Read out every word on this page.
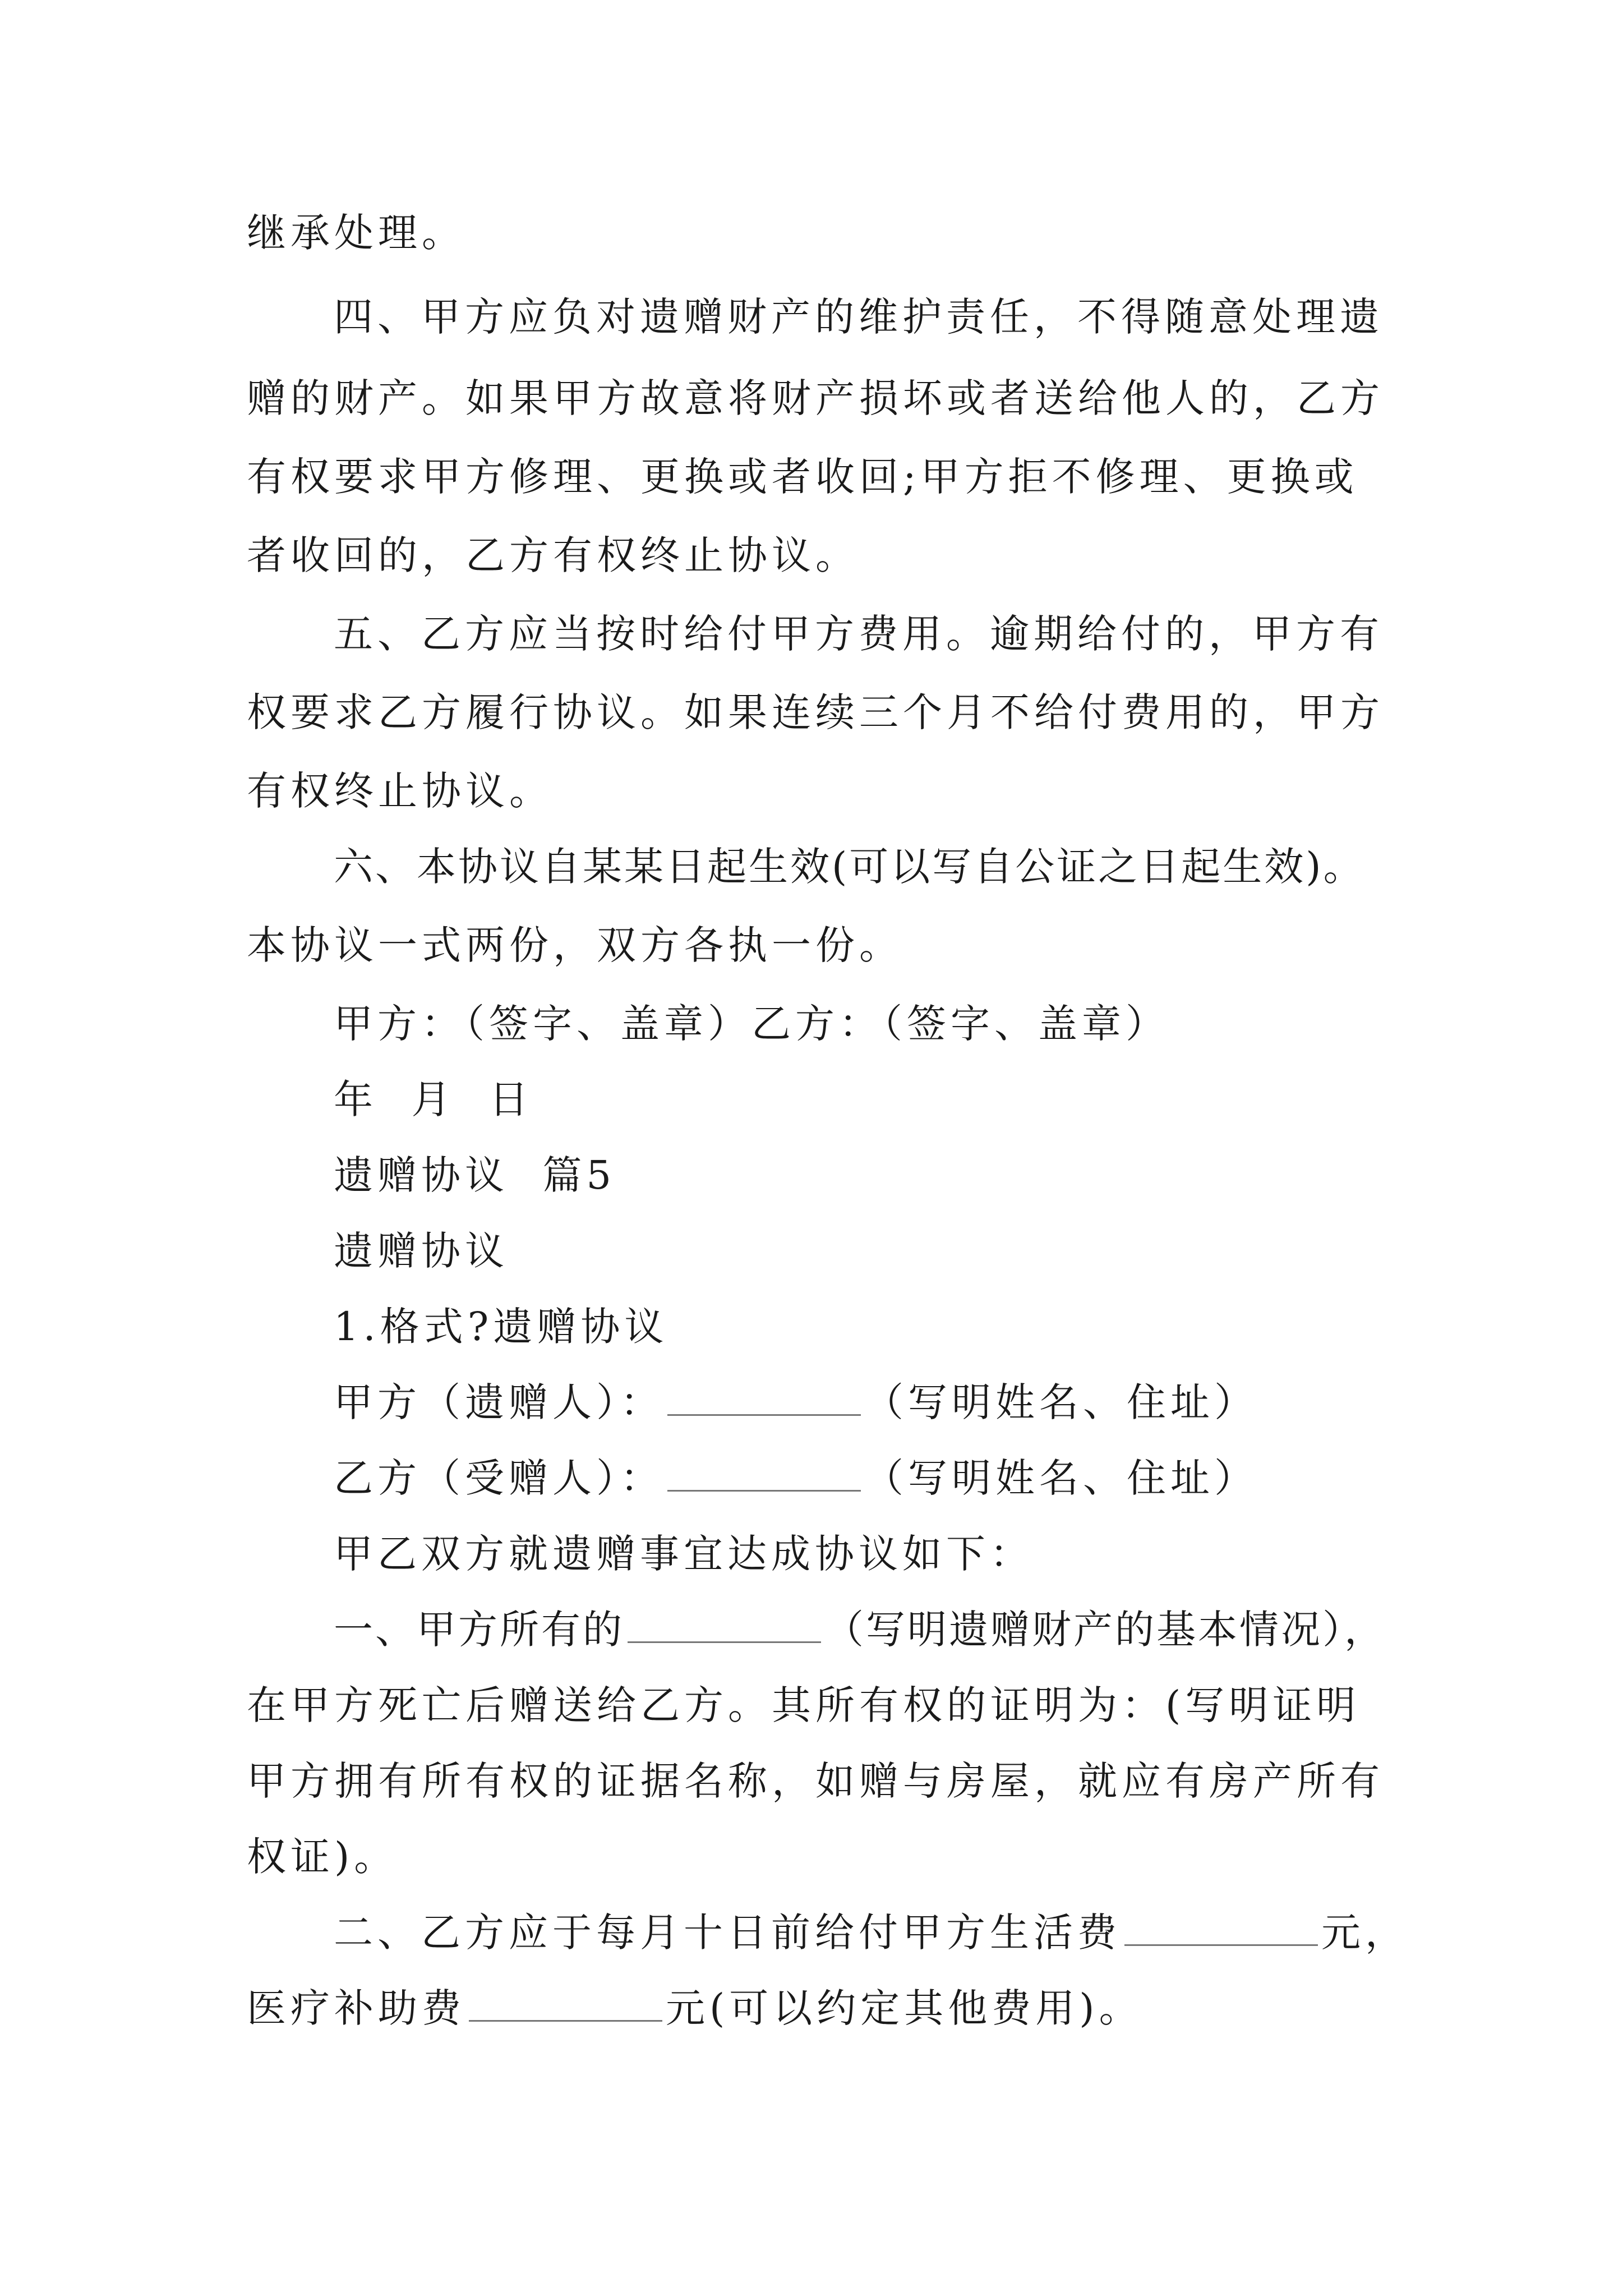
继承处理。
四、甲方应负对遗赠财产的维护责任，不得随意处理遗
赠的财产。如果甲方故意将财产损坏或者送给他人的，乙方
有权要求甲方修理、更换或者收回;甲方拒不修理、更换或
者收回的，乙方有权终止协议。
五、乙方应当按时给付甲方费用。逾期给付的，甲方有
权要求乙方履行协议。如果连续三个月不给付费用的，甲方
有权终止协议。
六、本协议自某某日起生效(可以写自公证之日起生效)。
本协议一式两份，双方各执一份。
甲方：（签字、盖章）乙方：（签字、盖章）
年  月  日
遗赠协议  篇5
遗赠协议
1.格式?遗赠协议
甲方（遗赠人）：	（写明姓名、住址）
乙方（受赠人）：	（写明姓名、住址）
甲乙双方就遗赠事宜达成协议如下：
一、甲方所有的	（写明遗赠财产的基本情况），
在甲方死亡后赠送给乙方。其所有权的证明为：(写明证明
甲方拥有所有权的证据名称，如赠与房屋，就应有房产所有
权证)。
二、乙方应于每月十日前给付甲方生活费	元，
医疗补助费	元(可以约定其他费用)。
